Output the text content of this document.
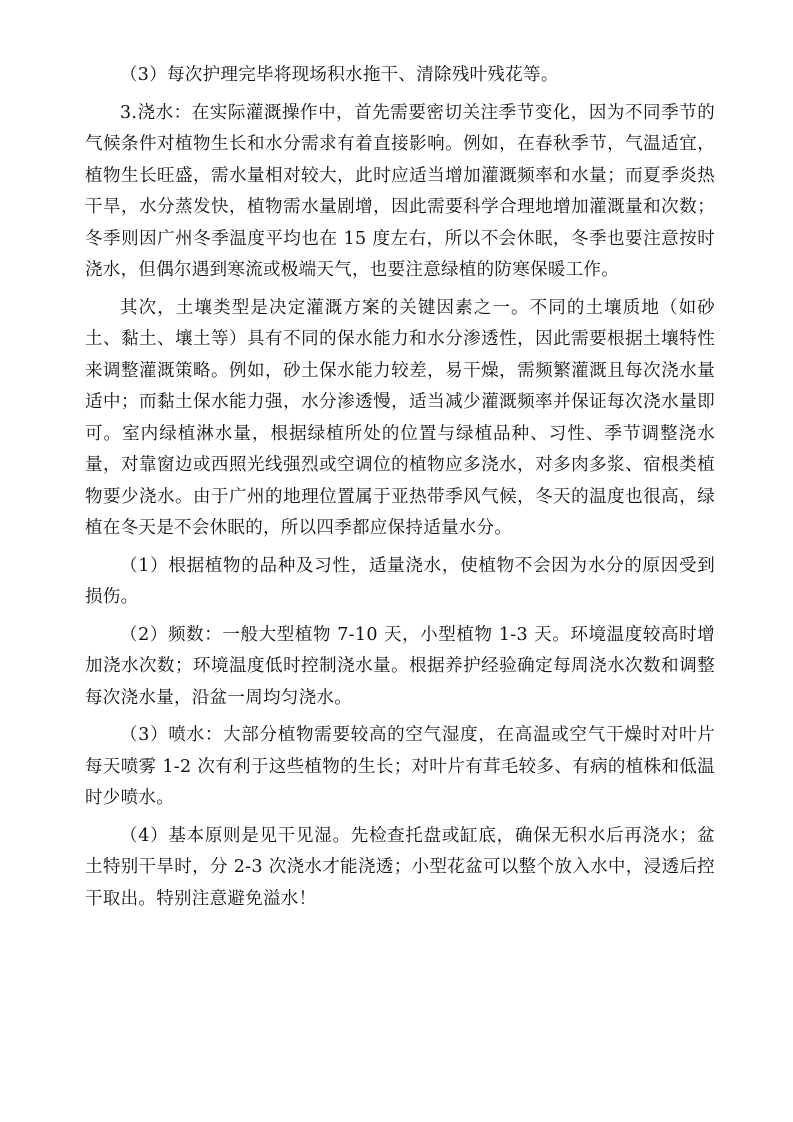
（3）每次护理完毕将现场积水拖干、清除残叶残花等。

3.浇水：在实际灌溉操作中，首先需要密切关注季节变化，因为不同季节的气候条件对植物生长和水分需求有着直接影响。例如，在春秋季节，气温适宜，植物生长旺盛，需水量相对较大，此时应适当增加灌溉频率和水量；而夏季炎热干旱，水分蒸发快，植物需水量剧增，因此需要科学合理地增加灌溉量和次数；冬季则因广州冬季温度平均也在 15 度左右，所以不会休眠，冬季也要注意按时浇水，但偶尔遇到寒流或极端天气，也要注意绿植的防寒保暖工作。

其次，土壤类型是决定灌溉方案的关键因素之一。不同的土壤质地（如砂土、黏土、壤土等）具有不同的保水能力和水分渗透性，因此需要根据土壤特性来调整灌溉策略。例如，砂土保水能力较差，易干燥，需频繁灌溉且每次浇水量适中；而黏土保水能力强，水分渗透慢，适当减少灌溉频率并保证每次浇水量即可。室内绿植淋水量，根据绿植所处的位置与绿植品种、习性、季节调整浇水量，对靠窗边或西照光线强烈或空调位的植物应多浇水，对多肉多浆、宿根类植物要少浇水。由于广州的地理位置属于亚热带季风气候，冬天的温度也很高，绿植在冬天是不会休眠的，所以四季都应保持适量水分。

（1）根据植物的品种及习性，适量浇水，使植物不会因为水分的原因受到损伤。

（2）频数：一般大型植物 7-10 天，小型植物 1-3 天。环境温度较高时增加浇水次数；环境温度低时控制浇水量。根据养护经验确定每周浇水次数和调整每次浇水量，沿盆一周均匀浇水。

（3）喷水：大部分植物需要较高的空气湿度，在高温或空气干燥时对叶片每天喷雾 1-2 次有利于这些植物的生长；对叶片有茸毛较多、有病的植株和低温时少喷水。

（4）基本原则是见干见湿。先检查托盘或缸底，确保无积水后再浇水；盆土特别干旱时，分 2-3 次浇水才能浇透；小型花盆可以整个放入水中，浸透后控干取出。特别注意避免溢水！
